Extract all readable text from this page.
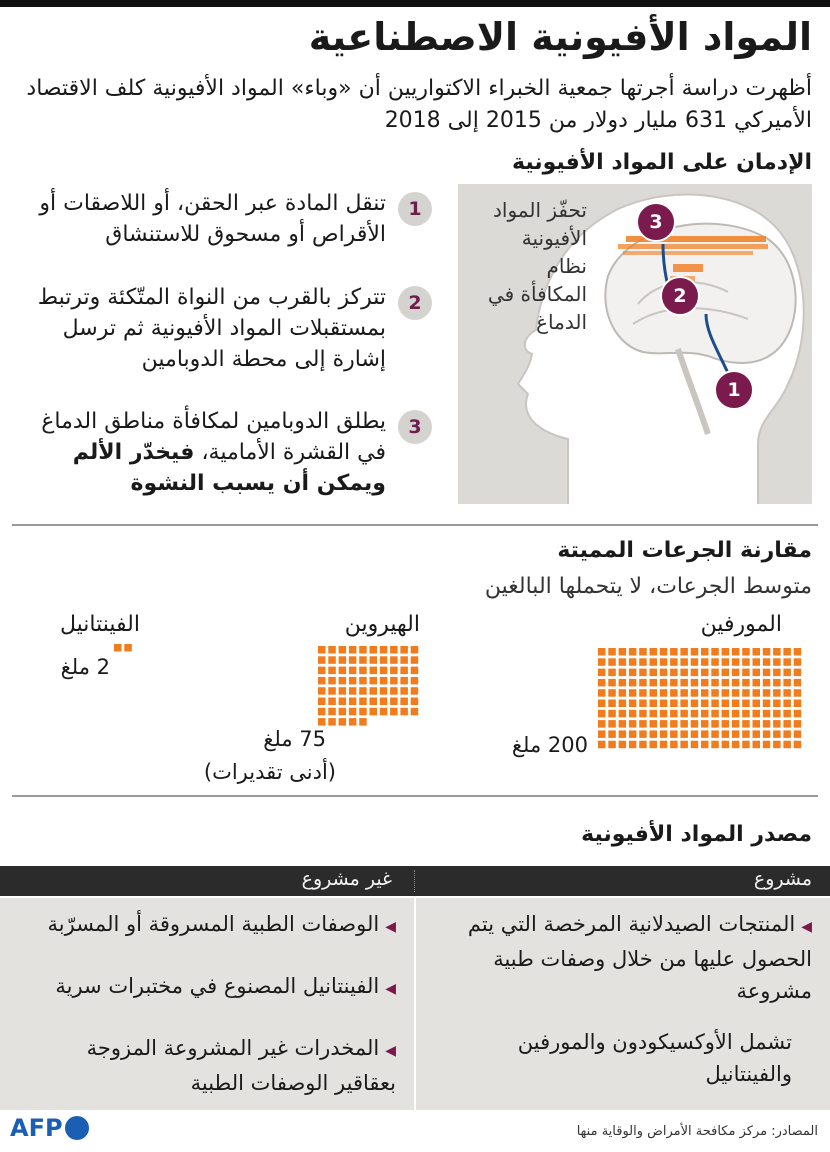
المواد الأفيونية الاصطناعية
أظهرت دراسة أجرتها جمعية الخبراء الاكتواريين أن «وباء» المواد الأفيونية كلف الاقتصاد الأميركي 631 مليار دولار من 2015 إلى 2018
الإدمان على المواد الأفيونية
1
تنقل المادة عبر الحقن، أو اللاصقات أو الأقراص أو مسحوق للاستنشاق
2
تتركز بالقرب من النواة المتّكئة وترتبط بمستقبلات المواد الأفيونية ثم ترسل إشارة إلى محطة الدوبامين
3
يطلق الدوبامين لمكافأة مناطق الدماغ في القشرة الأمامية، فيخدّر الألم ويمكن أن يسبب النشوة
تحفّز المواد الأفيونية نظام المكافأة في الدماغ
1
2
3
مقارنة الجرعات المميتة
متوسط الجرعات، لا يتحملها البالغين
المورفين
الهيروين
الفينتانيل
200 ملغ
75 ملغ
(أدنى تقديرات)
2 ملغ
مصدر المواد الأفيونية
مشروع
غير مشروع
◀المنتجات الصيدلانية المرخصة التي يتم الحصول عليها من خلال وصفات طبية مشروعة
تشمل الأوكسيكودون والمورفين والفينتانيل
◀الوصفات الطبية المسروقة أو المسرّبة
◀الفينتانيل المصنوع في مختبرات سرية
◀المخدرات غير المشروعة المزوجة بعقاقير الوصفات الطبية
المصادر: مركز مكافحة الأمراض والوقاية منها
AFP
